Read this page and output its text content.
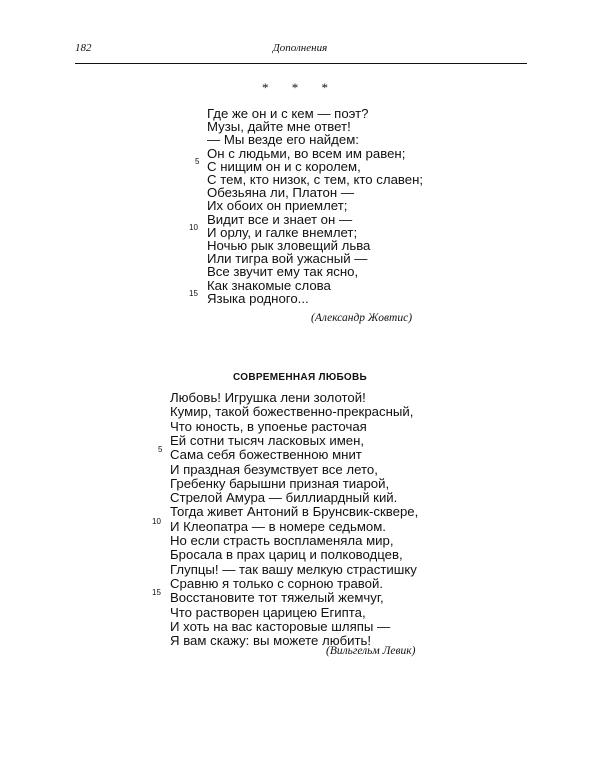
182	Дополнения
* * *
Где же он и с кем — поэт?
Музы, дайте мне ответ!
— Мы везде его найдем:
Он с людьми, во всем им равен;
С нищим он и с королем,
5
С тем, кто низок, с тем, кто славен;
Обезьяна ли, Платон —
Их обоих он приемлет;
Видит все и знает он —
И орлу, и галке внемлет;
10
Ночью рык зловещий льва
Или тигра вой ужасный —
Все звучит ему так ясно,
Как знакомые слова
Языка родного...
15
(Александр Жовтис)
СОВРЕМЕННАЯ ЛЮБОВЬ
Любовь! Игрушка лени золотой!
Кумир, такой божественно-прекрасный,
Что юность, в упоенье расточая
Ей сотни тысяч ласковых имен,
Сама себя божественною мнит
5
И праздная безумствует все лето,
Гребенку барышни призная тиарой,
Стрелой Амура — биллиардный кий.
Тогда живет Антоний в Брунсвик-сквере,
И Клеопатра — в номере седьмом.
10
Но если страсть воспламеняла мир,
Бросала в прах цариц и полководцев,
Глупцы! — так вашу мелкую страстишку
Сравню я только с сорною травой.
Восстановите тот тяжелый жемчуг,
15
Что растворен царицею Египта,
И хоть на вас касторовые шляпы —
Я вам скажу: вы можете любить!
(Вильгельм Левик)
